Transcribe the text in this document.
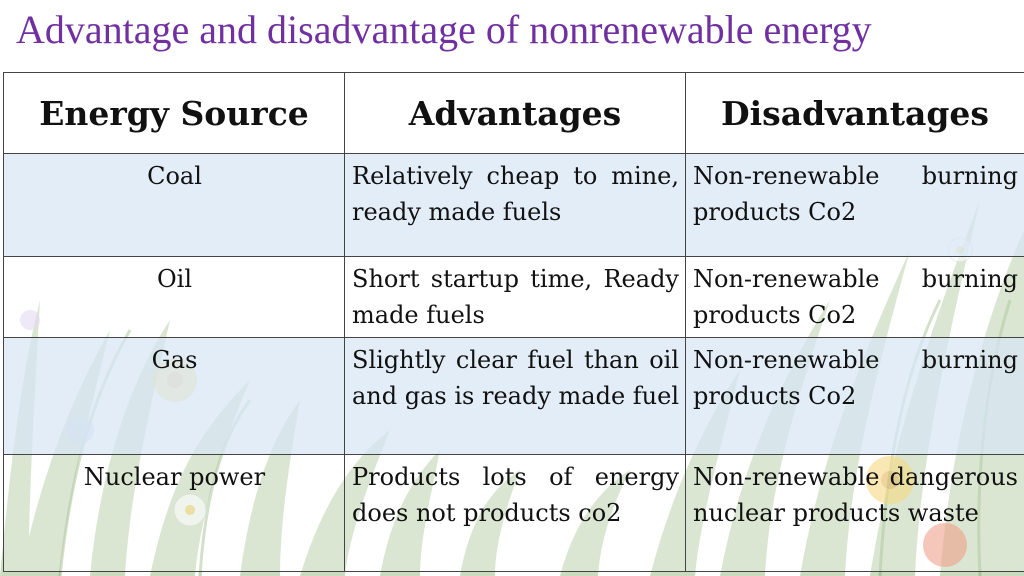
Advantage and disadvantage of nonrenewable energy
Energy Source	Advantages	Disadvantages
Coal	Relatively cheap to mine, ready made fuels	Non-renewable burning products Co2
Oil	Short startup time, Ready made fuels	Non-renewable burning products Co2
Gas	Slightly clear fuel than oil and gas is ready made fuel	Non-renewable burning products Co2
Nuclear power	Products lots of energy does not products co2	Non-renewable dangerous nuclear products waste
